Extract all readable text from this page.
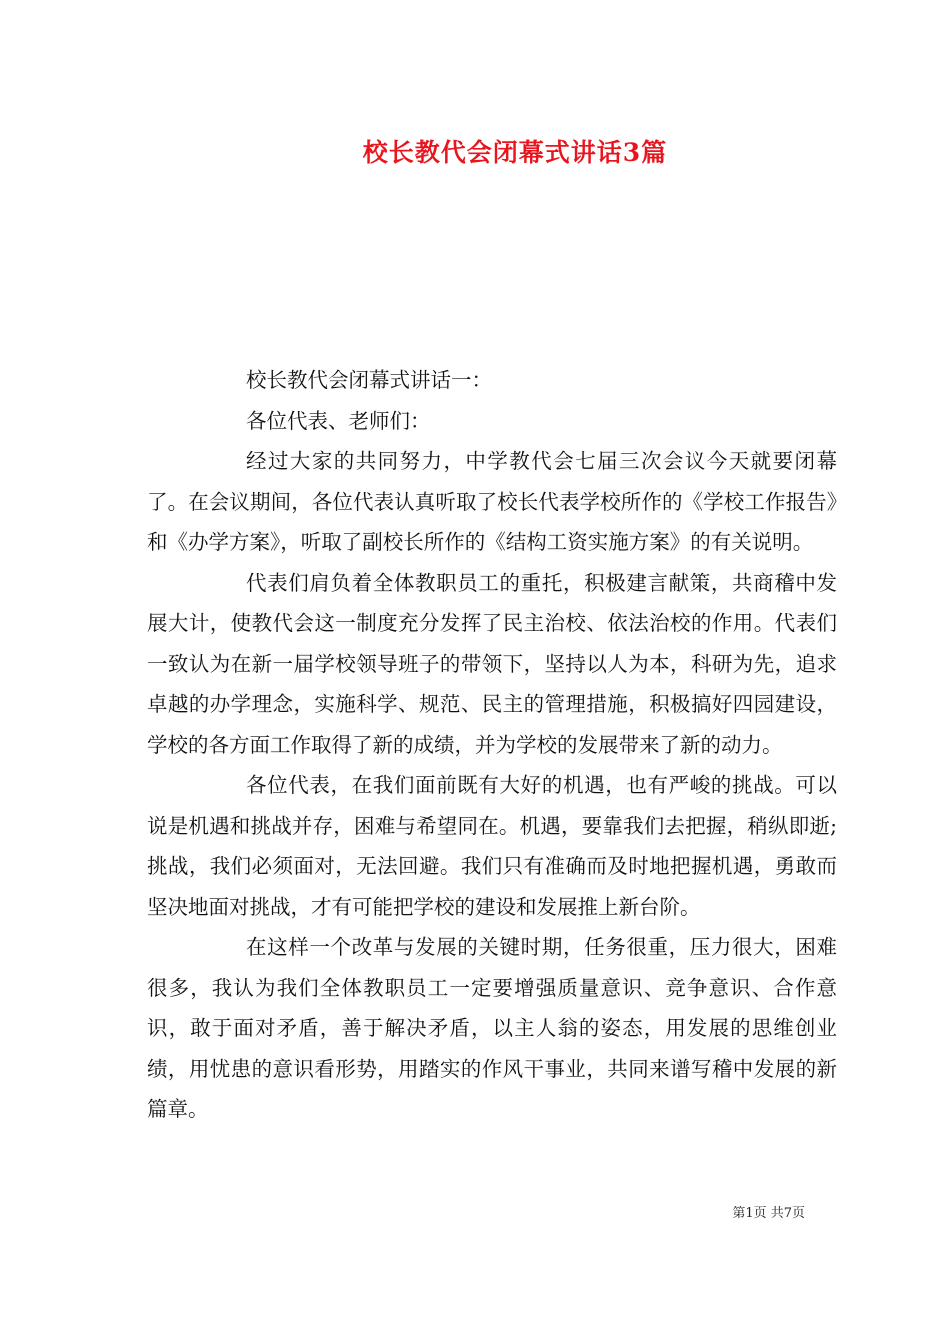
校长教代会闭幕式讲话3篇

校长教代会闭幕式讲话一：

各位代表、老师们：

经过大家的共同努力，中学教代会七届三次会议今天就要闭幕了。在会议期间，各位代表认真听取了校长代表学校所作的《学校工作报告》和《办学方案》，听取了副校长所作的《结构工资实施方案》的有关说明。

代表们肩负着全体教职员工的重托，积极建言献策，共商稽中发展大计，使教代会这一制度充分发挥了民主治校、依法治校的作用。代表们一致认为在新一届学校领导班子的带领下，坚持以人为本，科研为先，追求卓越的办学理念，实施科学、规范、民主的管理措施，积极搞好四园建设，学校的各方面工作取得了新的成绩，并为学校的发展带来了新的动力。

各位代表，在我们面前既有大好的机遇，也有严峻的挑战。可以说是机遇和挑战并存，困难与希望同在。机遇，要靠我们去把握，稍纵即逝;挑战，我们必须面对，无法回避。我们只有准确而及时地把握机遇，勇敢而坚决地面对挑战，才有可能把学校的建设和发展推上新台阶。

在这样一个改革与发展的关键时期，任务很重，压力很大，困难很多，我认为我们全体教职员工一定要增强质量意识、竞争意识、合作意识，敢于面对矛盾，善于解决矛盾，以主人翁的姿态，用发展的思维创业绩，用忧患的意识看形势，用踏实的作风干事业，共同来谱写稽中发展的新篇章。

第1页 共7页
